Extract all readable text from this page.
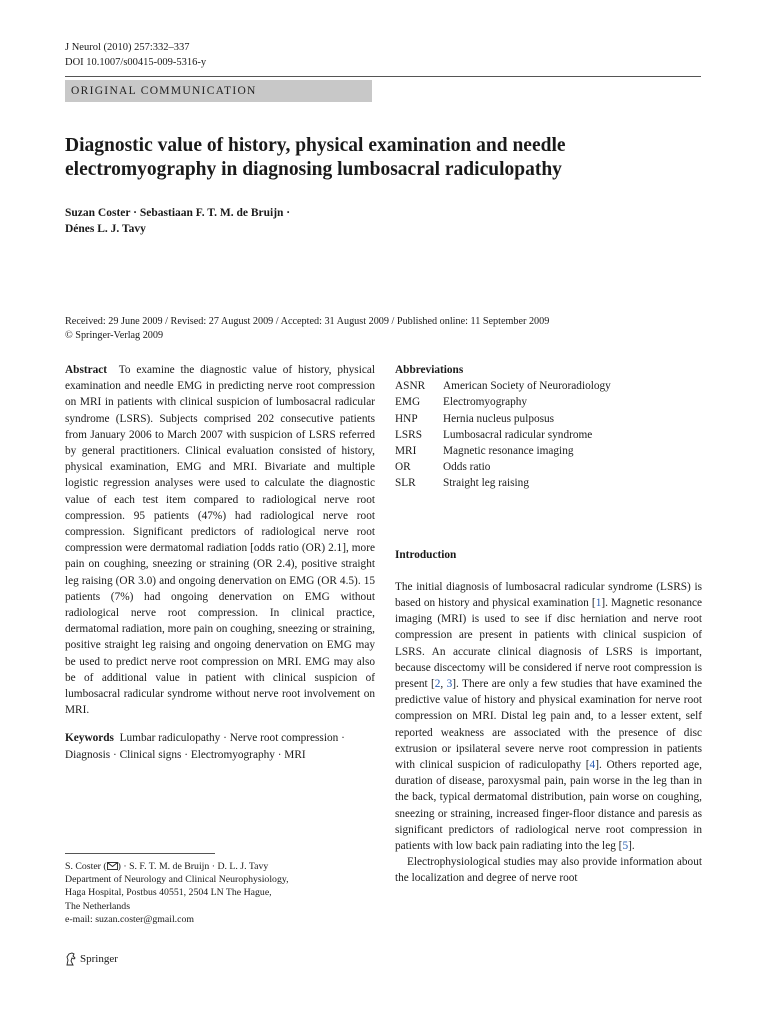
J Neurol (2010) 257:332–337
DOI 10.1007/s00415-009-5316-y
ORIGINAL COMMUNICATION
Diagnostic value of history, physical examination and needle
electromyography in diagnosing lumbosacral radiculopathy
Suzan Coster · Sebastiaan F. T. M. de Bruijn ·
Dénes L. J. Tavy
Received: 29 June 2009 / Revised: 27 August 2009 / Accepted: 31 August 2009 / Published online: 11 September 2009
© Springer-Verlag 2009
Abstract To examine the diagnostic value of history, physical examination and needle EMG in predicting nerve root compression on MRI in patients with clinical suspicion of lumbosacral radicular syndrome (LSRS). Subjects comprised 202 consecutive patients from January 2006 to March 2007 with suspicion of LSRS referred by general practitioners. Clinical evaluation consisted of history, physical examination, EMG and MRI. Bivariate and multiple logistic regression analyses were used to calculate the diagnostic value of each test item compared to radiological nerve root compression. 95 patients (47%) had radiological nerve root compression. Significant predictors of radiological nerve root compression were dermatomal radiation [odds ratio (OR) 2.1], more pain on coughing, sneezing or straining (OR 2.4), positive straight leg raising (OR 3.0) and ongoing denervation on EMG (OR 4.5). 15 patients (7%) had ongoing denervation on EMG without radiological nerve root compression. In clinical practice, dermatomal radiation, more pain on coughing, sneezing or straining, positive straight leg raising and ongoing denervation on EMG may be used to predict nerve root compression on MRI. EMG may also be of additional value in patient with clinical suspicion of lumbosacral radicular syndrome without nerve root involvement on MRI.
Keywords Lumbar radiculopathy · Nerve root compression · Diagnosis · Clinical signs · Electromyography · MRI
S. Coster ( ) · S. F. T. M. de Bruijn · D. L. J. Tavy
Department of Neurology and Clinical Neurophysiology,
Haga Hospital, Postbus 40551, 2504 LN The Hague,
The Netherlands
e-mail: suzan.coster@gmail.com
Springer
Abbreviations
ASNR	American Society of Neuroradiology
EMG	Electromyography
HNP	Hernia nucleus pulposus
LSRS	Lumbosacral radicular syndrome
MRI	Magnetic resonance imaging
OR	Odds ratio
SLR	Straight leg raising
Introduction
The initial diagnosis of lumbosacral radicular syndrome (LSRS) is based on history and physical examination [1]. Magnetic resonance imaging (MRI) is used to see if disc herniation and nerve root compression are present in patients with clinical suspicion of LSRS. An accurate clinical diagnosis of LSRS is important, because discectomy will be considered if nerve root compression is present [2, 3]. There are only a few studies that have examined the predictive value of history and physical examination for nerve root compression on MRI. Distal leg pain and, to a lesser extent, self reported weakness are associated with the presence of disc extrusion or ipsilateral severe nerve root compression in patients with clinical suspicion of radiculopathy [4]. Others reported age, duration of disease, paroxysmal pain, pain worse in the leg than in the back, typical dermatomal distribution, pain worse on coughing, sneezing or straining, increased finger-floor distance and paresis as significant predictors of radiological nerve root compression in patients with low back pain radiating into the leg [5].
Electrophysiological studies may also provide information about the localization and degree of nerve root
